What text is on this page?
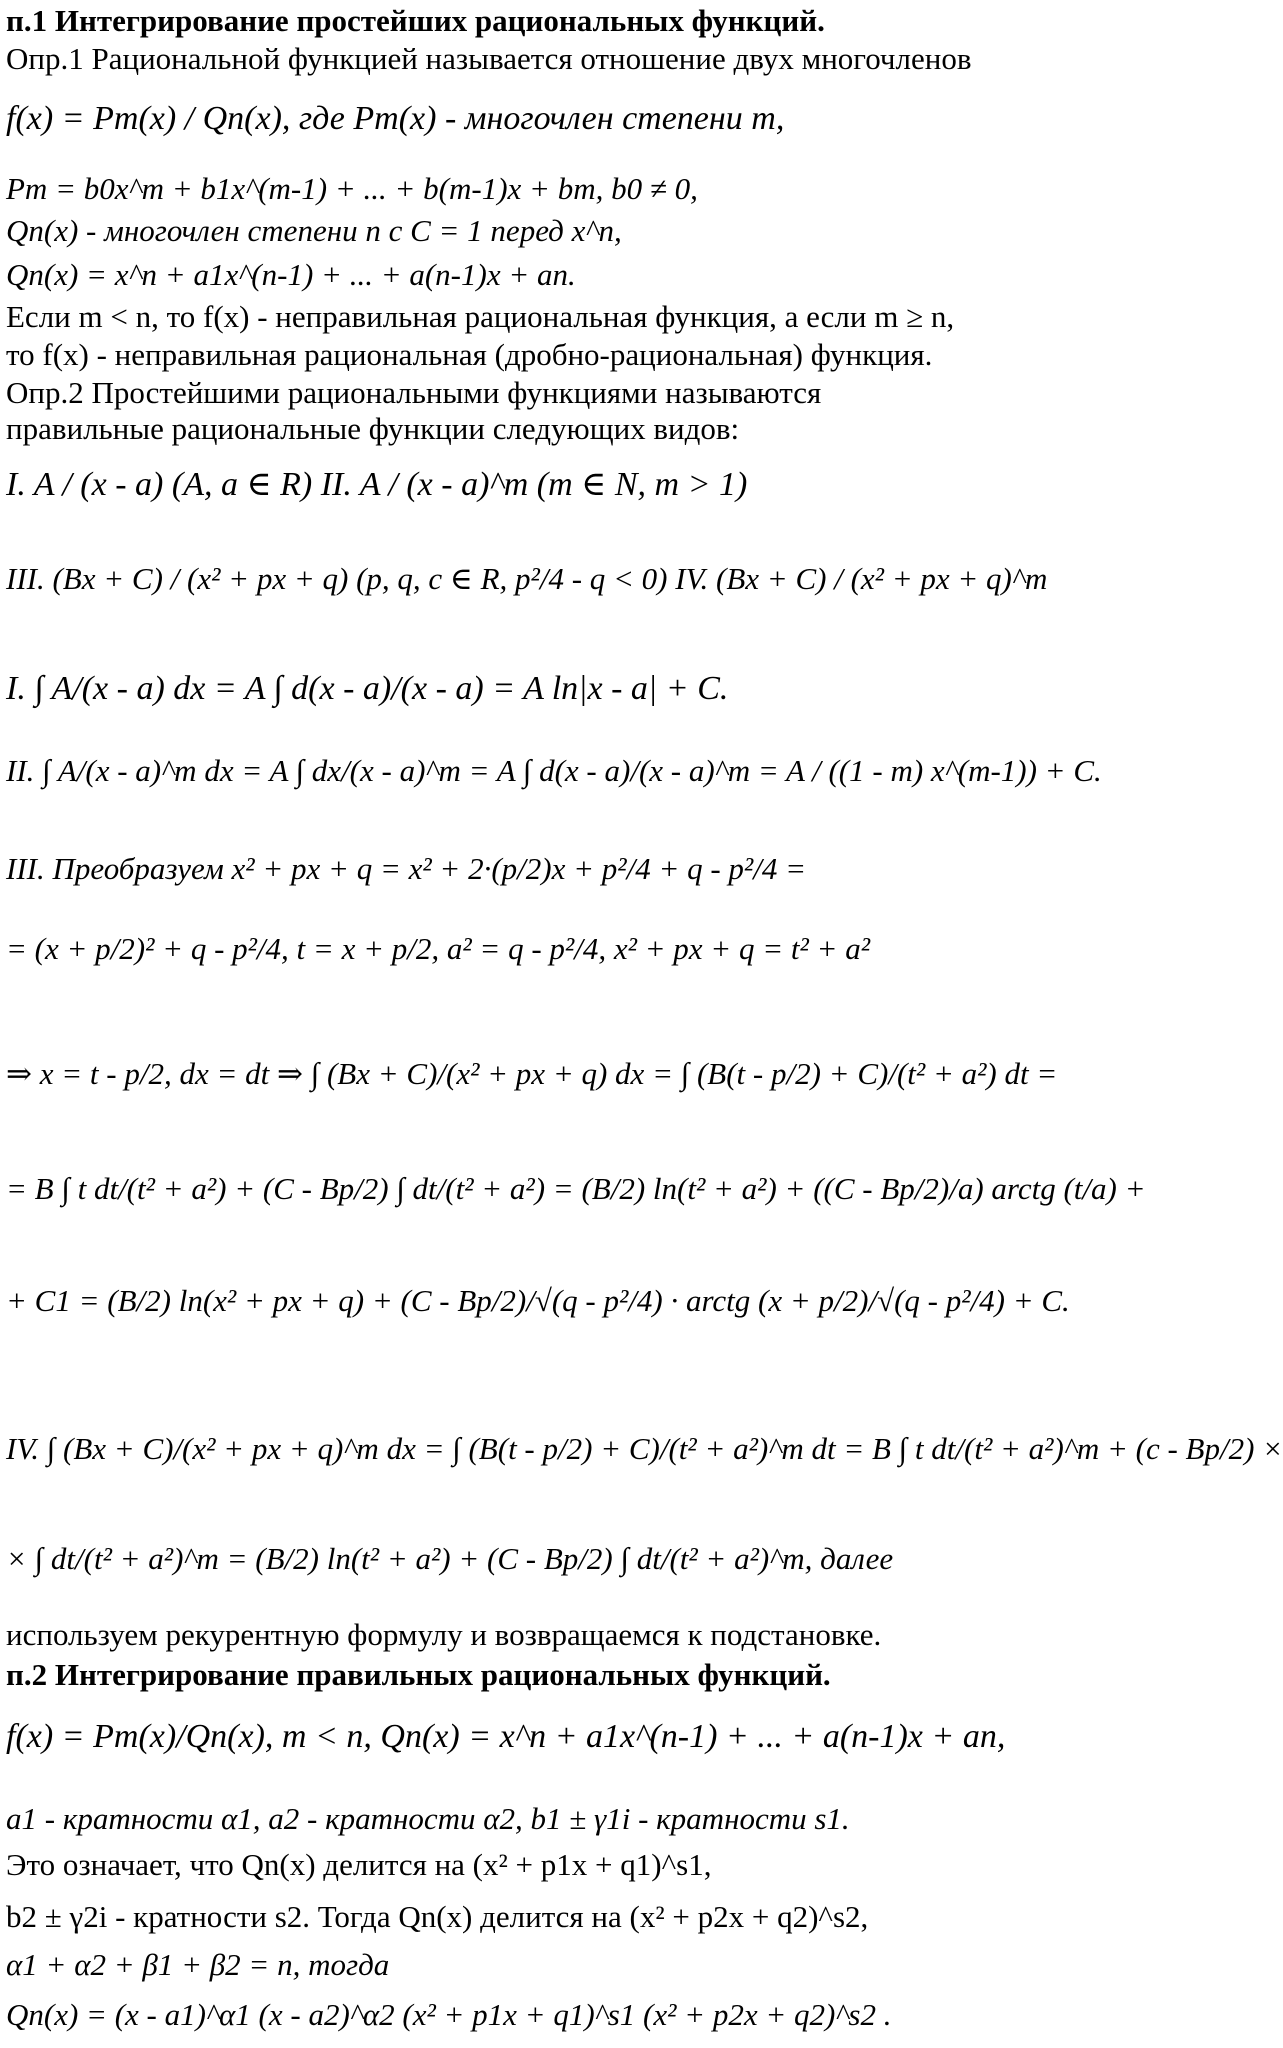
п.1 Интегрирование простейших рациональных функций.
Опр.1 Рациональной функцией называется отношение двух многочленов
f(x) = Pm(x) / Qn(x), где Pm(x) - многочлен степени m,
Pm = b0x^m + b1x^(m-1) + ... + b(m-1)x + bm, b0 ≠ 0,
Qn(x) - многочлен степени n с C = 1 перед x^n,
Qn(x) = x^n + a1x^(n-1) + ... + a(n-1)x + an.
Если m < n, то f(x) - неправильная рациональная функция, а если m ≥ n,
то f(x) - неправильная рациональная (дробно-рациональная) функция.
Опр.2 Простейшими рациональными функциями называются
правильные рациональные функции следующих видов:
I. A / (x - a) (A, a ∈ R) II. A / (x - a)^m (m ∈ N, m > 1)
III. (Bx + C) / (x² + px + q) (p, q, c ∈ R, p²/4 - q < 0) IV. (Bx + C) / (x² + px + q)^m
I. ∫ A/(x - a) dx = A ∫ d(x - a)/(x - a) = A ln|x - a| + C.
II. ∫ A/(x - a)^m dx = A ∫ dx/(x - a)^m = A ∫ d(x - a)/(x - a)^m = A / ((1 - m) x^(m-1)) + C.
III. Преобразуем x² + px + q = x² + 2·(p/2)x + p²/4 + q - p²/4 =
= (x + p/2)² + q - p²/4, t = x + p/2, a² = q - p²/4, x² + px + q = t² + a²
⇒ x = t - p/2, dx = dt ⇒ ∫ (Bx + C)/(x² + px + q) dx = ∫ (B(t - p/2) + C)/(t² + a²) dt =
= B ∫ t dt/(t² + a²) + (C - Bp/2) ∫ dt/(t² + a²) = (B/2) ln(t² + a²) + ((C - Bp/2)/a) arctg (t/a) +
+ C1 = (B/2) ln(x² + px + q) + (C - Bp/2)/√(q - p²/4) · arctg (x + p/2)/√(q - p²/4) + C.
IV. ∫ (Bx + C)/(x² + px + q)^m dx = ∫ (B(t - p/2) + C)/(t² + a²)^m dt = B ∫ t dt/(t² + a²)^m + (c - Bp/2) ×
× ∫ dt/(t² + a²)^m = (B/2) ln(t² + a²) + (C - Bp/2) ∫ dt/(t² + a²)^m, далее
используем рекурентную формулу и возвращаемся к подстановке.
п.2 Интегрирование правильных рациональных функций.
f(x) = Pm(x)/Qn(x), m < n, Qn(x) = x^n + a1x^(n-1) + ... + a(n-1)x + an,
a1 - кратности α1, a2 - кратности α2, b1 ± γ1i - кратности s1.
Это означает, что Qn(x) делится на (x² + p1x + q1)^s1,
b2 ± γ2i - кратности s2. Тогда Qn(x) делится на (x² + p2x + q2)^s2,
α1 + α2 + β1 + β2 = n, тогда
Qn(x) = (x - a1)^α1 (x - a2)^α2 (x² + p1x + q1)^s1 (x² + p2x + q2)^s2 .
